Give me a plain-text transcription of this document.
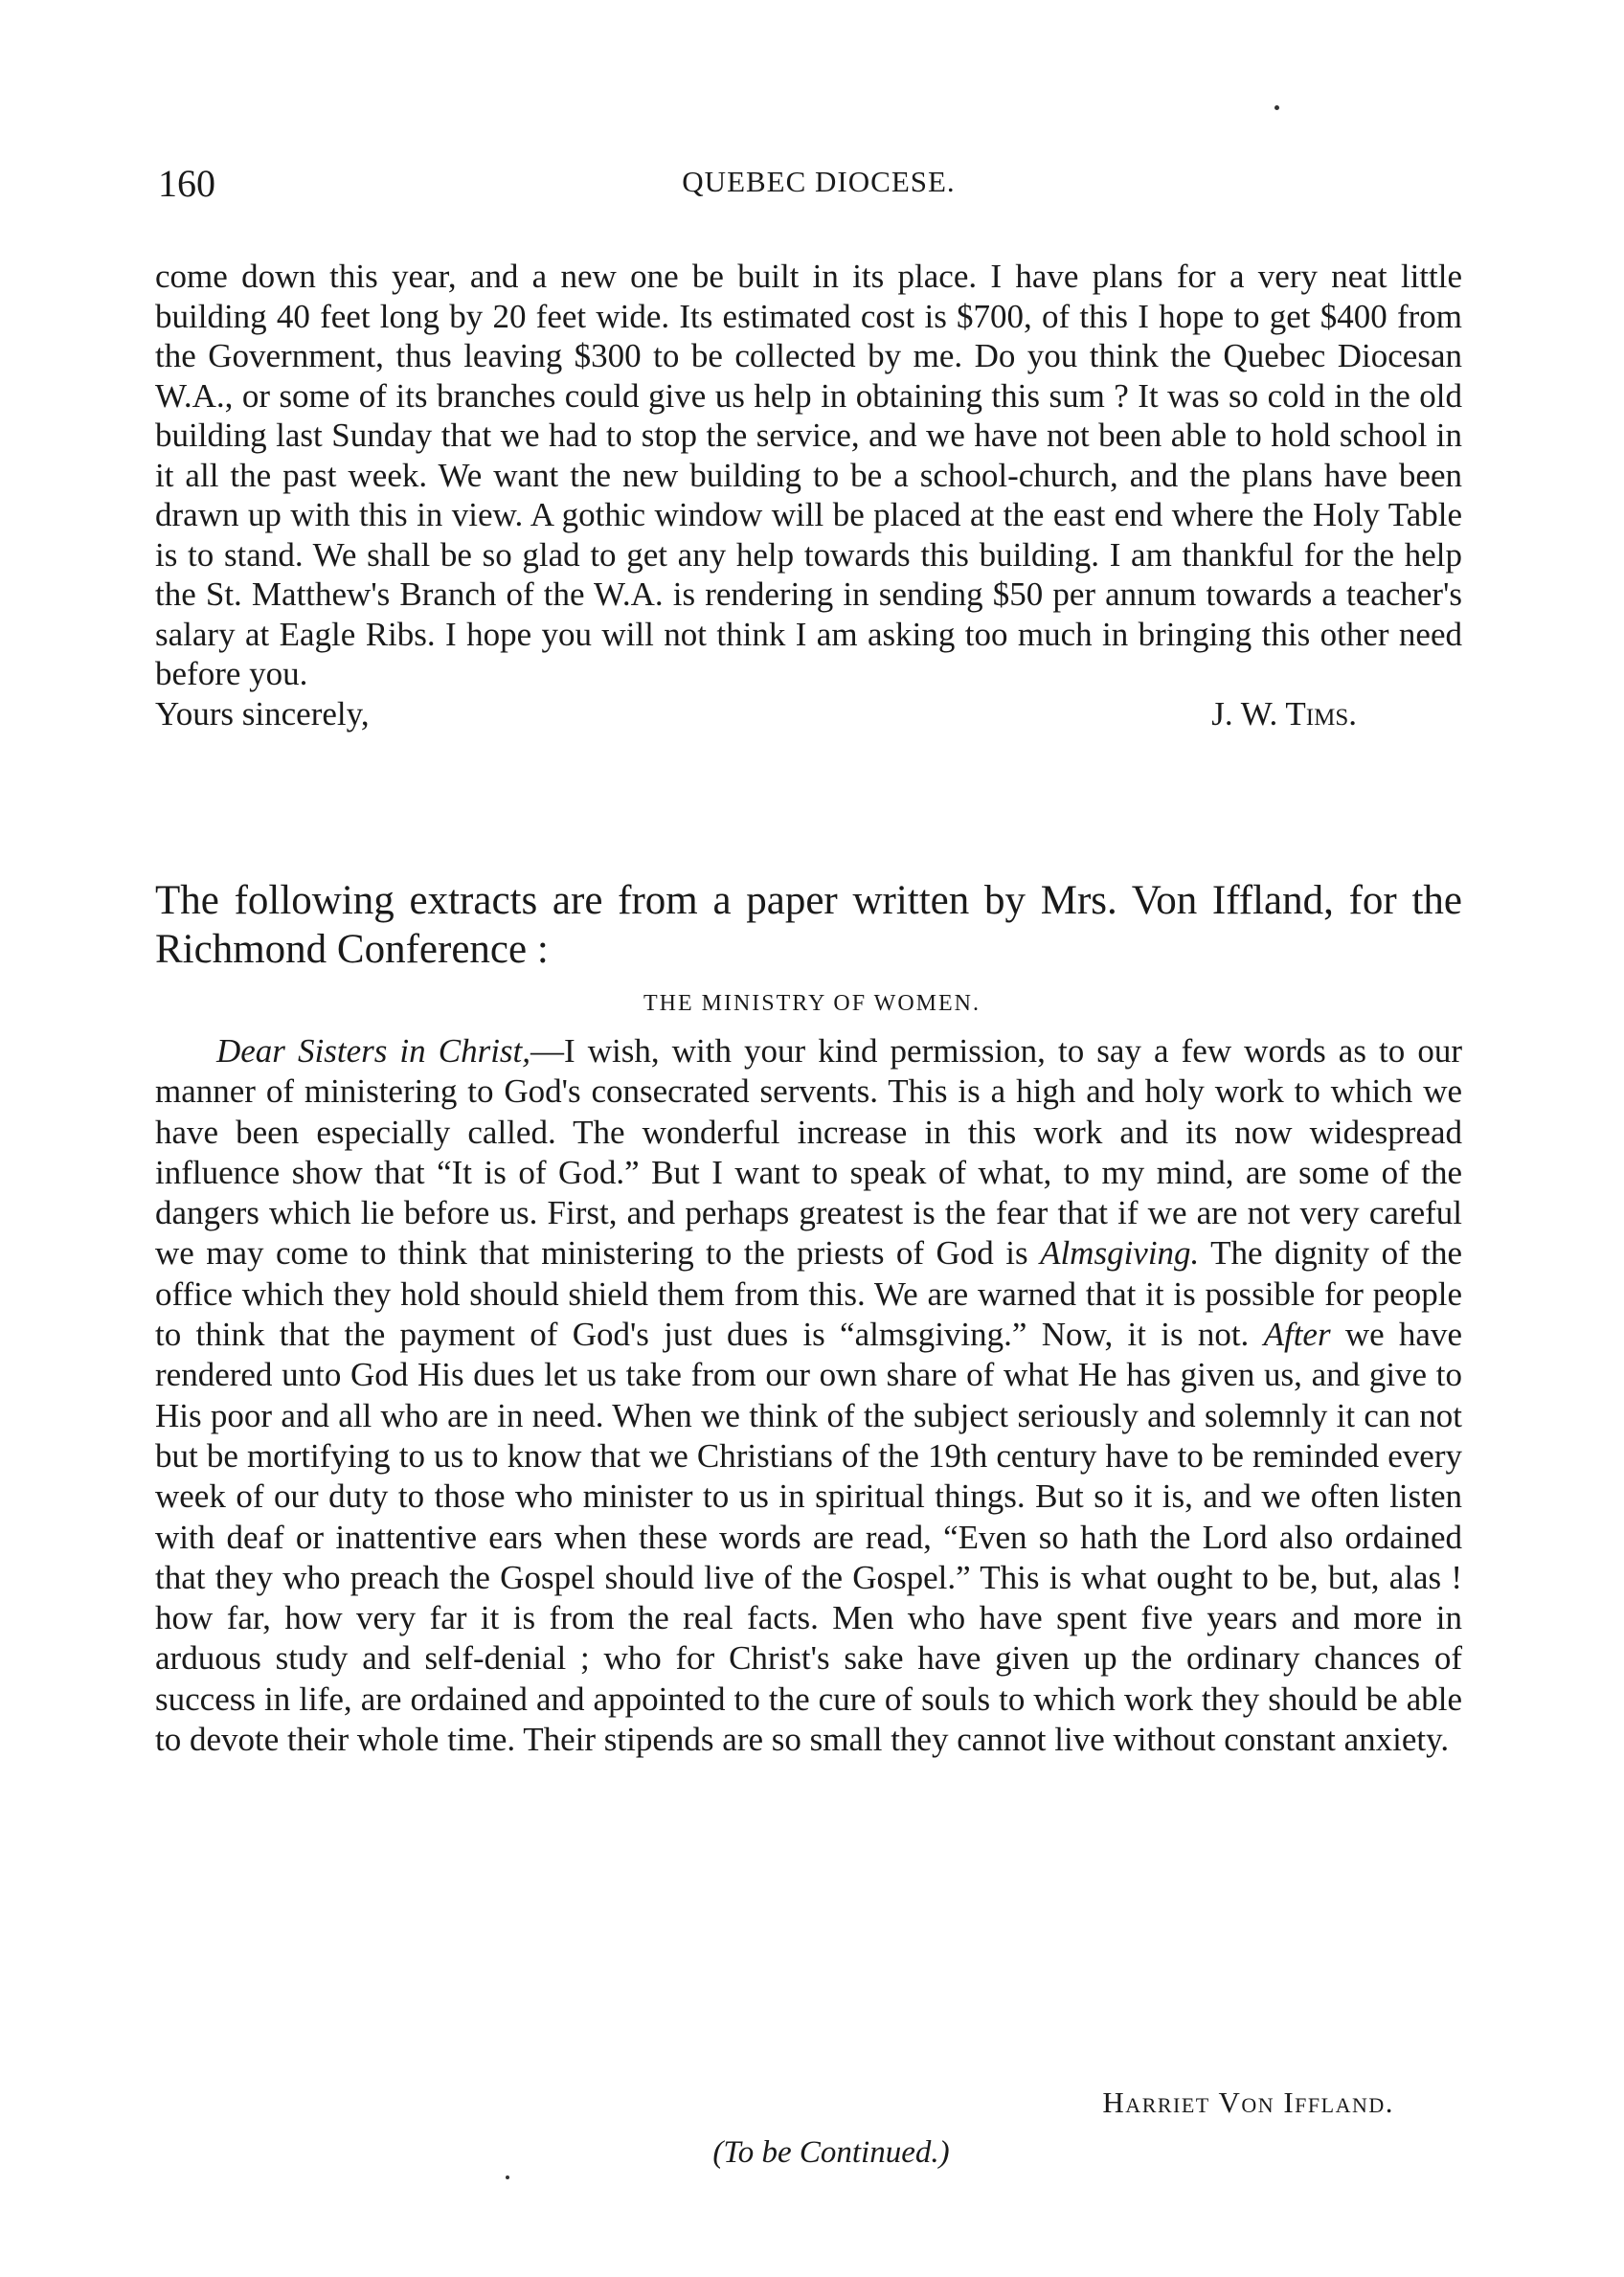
160	QUEBEC DIOCESE.

come down this year, and a new one be built in its place. I have plans for a very neat little building 40 feet long by 20 feet wide. Its estimated cost is $700, of this I hope to get $400 from the Government, thus leaving $300 to be collected by me. Do you think the Quebec Diocesan W.A., or some of its branches could give us help in obtaining this sum ? It was so cold in the old building last Sunday that we had to stop the service, and we have not been able to hold school in it all the past week. We want the new building to be a school-church, and the plans have been drawn up with this in view. A gothic window will be placed at the east end where the Holy Table is to stand. We shall be so glad to get any help towards this building. I am thankful for the help the St. Matthew's Branch of the W.A. is rendering in sending $50 per annum towards a teacher's salary at Eagle Ribs. I hope you will not think I am asking too much in bringing this other need before you.

Yours sincerely,	J. W. Tims.
The following extracts are from a paper written by Mrs. Von Iffland, for the Richmond Conference :
THE MINISTRY OF WOMEN.

Dear Sisters in Christ,—I wish, with your kind permission, to say a few words as to our manner of ministering to God's consecrated servents. This is a high and holy work to which we have been especially called. The wonderful increase in this work and its now widespread influence show that “It is of God.” But I want to speak of what, to my mind, are some of the dangers which lie before us. First, and perhaps greatest is the fear that if we are not very careful we may come to think that ministering to the priests of God is Almsgiving. The dignity of the office which they hold should shield them from this. We are warned that it is possible for people to think that the payment of God's just dues is “almsgiving.” Now, it is not. After we have rendered unto God His dues let us take from our own share of what He has given us, and give to His poor and all who are in need. When we think of the subject seriously and solemnly it can not but be mortifying to us to know that we Christians of the 19th century have to be reminded every week of our duty to those who minister to us in spiritual things. But so it is, and we often listen with deaf or inattentive ears when these words are read, “Even so hath the Lord also ordained that they who preach the Gospel should live of the Gospel.” This is what ought to be, but, alas ! how far, how very far it is from the real facts. Men who have spent five years and more in arduous study and self-denial ; who for Christ's sake have given up the ordinary chances of success in life, are ordained and appointed to the cure of souls to which work they should be able to devote their whole time. Their stipends are so small they cannot live without constant anxiety.

Harriet Von Iffland.
(To be Continued.)
